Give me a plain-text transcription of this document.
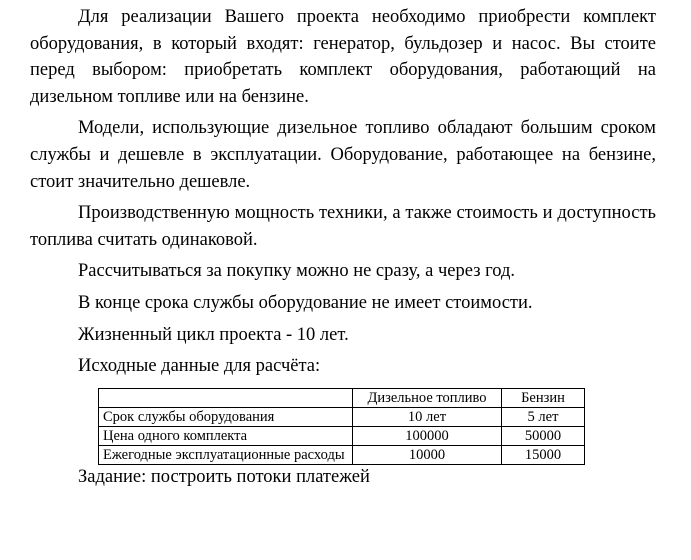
Для реализации Вашего проекта необходимо приобрести комплект оборудования, в который входят: генератор, бульдозер и насос. Вы стоите перед выбором: приобретать комплект оборудования, работающий на дизельном топливе или на бензине.

Модели, использующие дизельное топливо обладают большим сроком службы и дешевле в эксплуатации. Оборудование, работающее на бензине, стоит значительно дешевле.

Производственную мощность техники, а также стоимость и доступность топлива считать одинаковой.

Рассчитываться за покупку можно не сразу, а через год.

В конце срока службы оборудование не имеет стоимости.

Жизненный цикл проекта - 10 лет.

Исходные данные для расчёта:

	Дизельное топливо	Бензин
Срок службы оборудования	10 лет	5 лет
Цена одного комплекта	100000	50000
Ежегодные эксплуатационные расходы	10000	15000

Задание: построить потоки платежей
